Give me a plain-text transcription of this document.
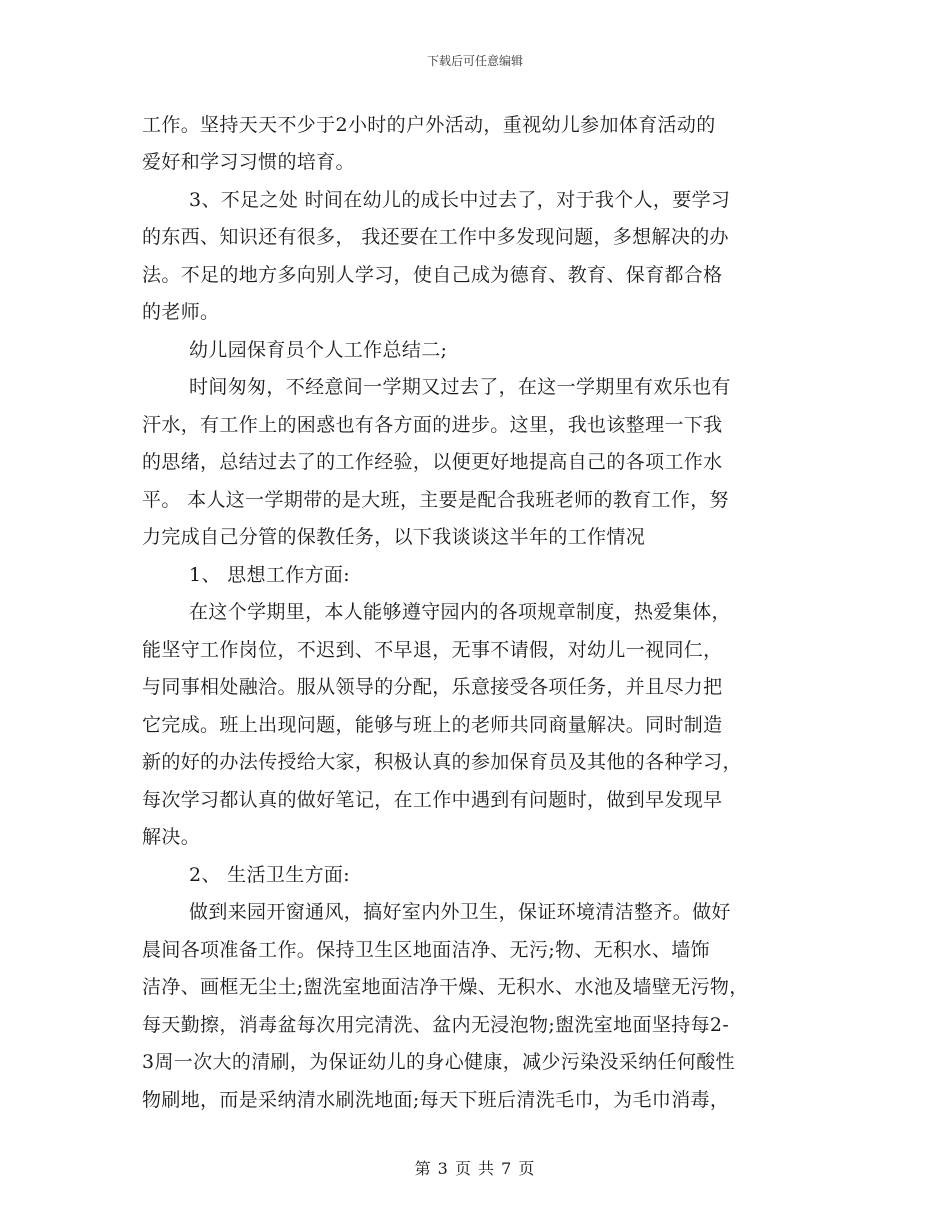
下载后可任意编辑
工作。坚持天天不少于2小时的户外活动，重视幼儿参加体育活动的
爱好和学习习惯的培育。
3、不足之处 时间在幼儿的成长中过去了，对于我个人，要学习
的东西、知识还有很多， 我还要在工作中多发现问题，多想解决的办
法。不足的地方多向别人学习，使自己成为德育、教育、保育都合格
的老师。
幼儿园保育员个人工作总结二;
时间匆匆，不经意间一学期又过去了，在这一学期里有欢乐也有
汗水，有工作上的困惑也有各方面的进步。这里，我也该整理一下我
的思绪，总结过去了的工作经验，以便更好地提高自己的各项工作水
平。 本人这一学期带的是大班，主要是配合我班老师的教育工作，努
力完成自己分管的保教任务，以下我谈谈这半年的工作情况
1、 思想工作方面:
在这个学期里，本人能够遵守园内的各项规章制度，热爱集体，
能坚守工作岗位，不迟到、不早退，无事不请假，对幼儿一视同仁，
与同事相处融洽。服从领导的分配，乐意接受各项任务，并且尽力把
它完成。班上出现问题，能够与班上的老师共同商量解决。同时制造
新的好的办法传授给大家，积极认真的参加保育员及其他的各种学习，
每次学习都认真的做好笔记，在工作中遇到有问题时，做到早发现早
解决。
2、 生活卫生方面:
做到来园开窗通风，搞好室内外卫生，保证环境清洁整齐。做好
晨间各项准备工作。保持卫生区地面洁净、无污;物、无积水、墙饰
洁净、画框无尘土;盥洗室地面洁净干燥、无积水、水池及墙壁无污物，
每天勤擦，消毒盆每次用完清洗、盆内无浸泡物;盥洗室地面坚持每2-
3周一次大的清刷，为保证幼儿的身心健康，减少污染没采纳任何酸性
物刷地，而是采纳清水刷洗地面;每天下班后清洗毛巾，为毛巾消毒，
第 3 页 共 7 页
